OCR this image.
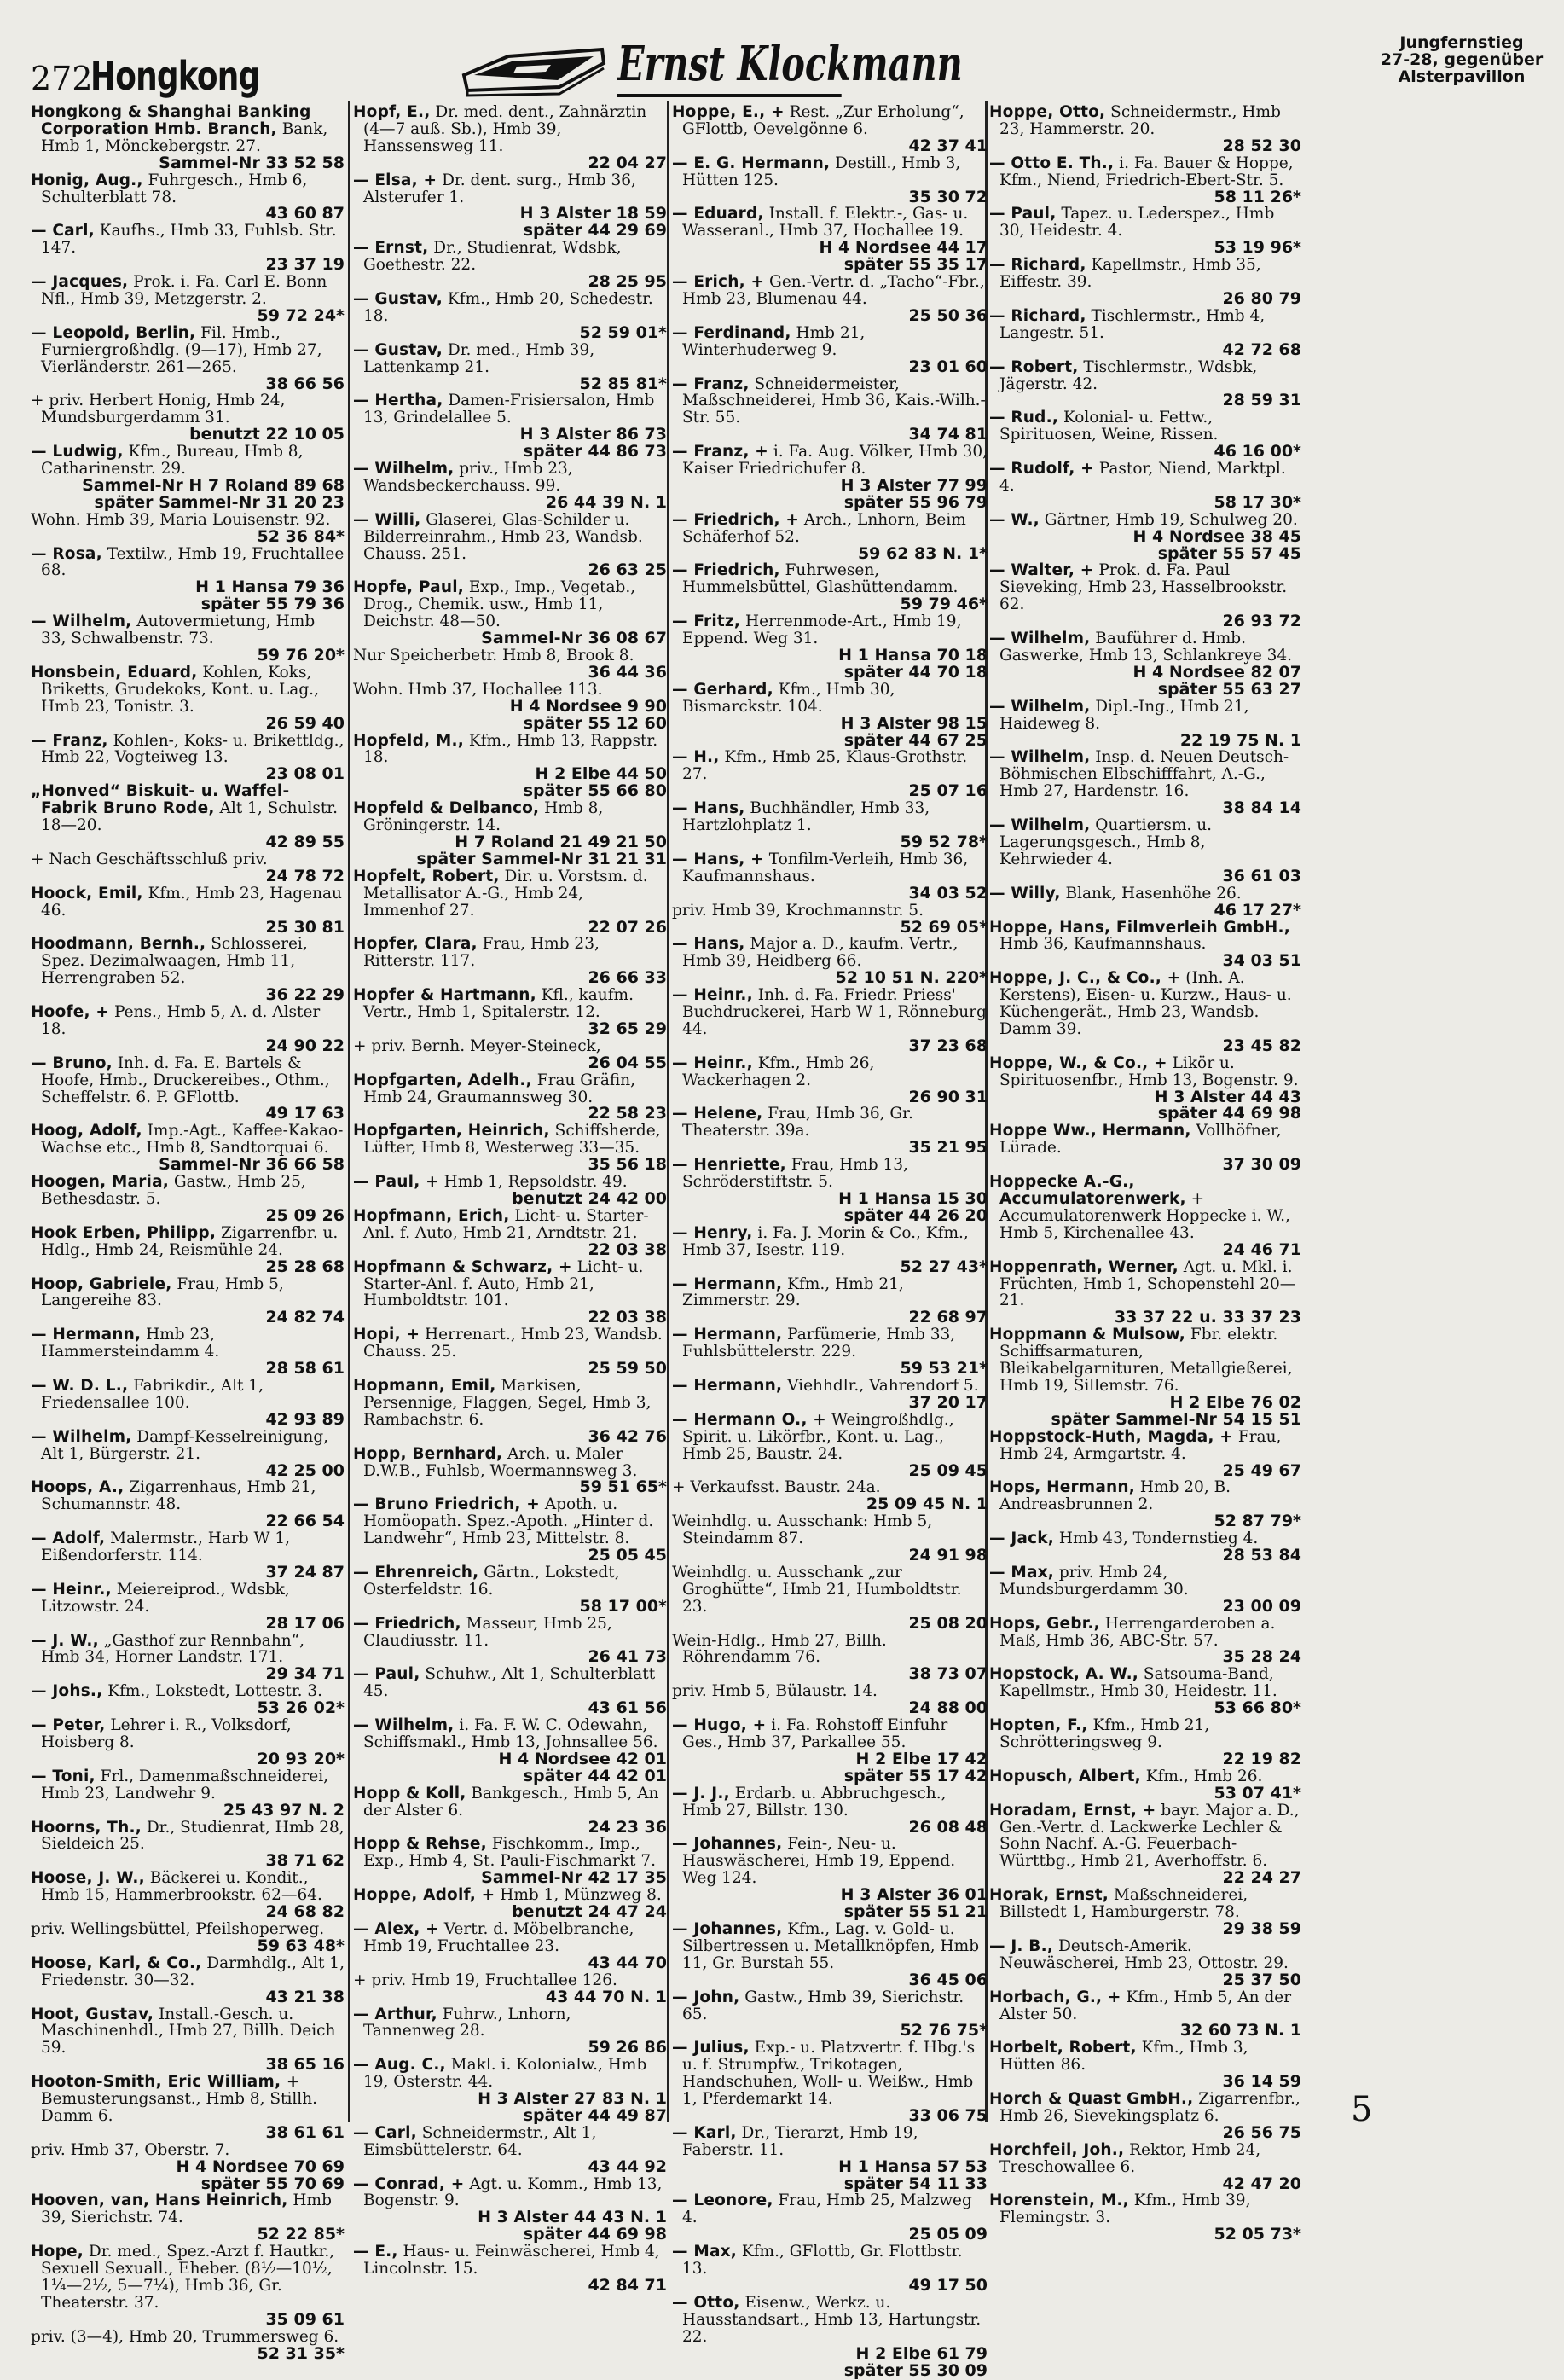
272
Hongkong	Ernst Klockmann	Jungfernstieg
27-28, gegenüber
Alsterpavillon

Hongkong & Shanghai Banking Corporation Hmb. Branch, Bank, Hmb 1, Mönckebergstr. 27.
Sammel-Nr 33 52 58

Honig, Aug., Fuhrgesch., Hmb 6, Schulterblatt 78.
43 60 87

— Carl, Kaufhs., Hmb 33, Fuhlsb. Str. 147.
23 37 19

— Jacques, Prok. i. Fa. Carl E. Bonn Nfl., Hmb 39, Metzgerstr. 2.
59 72 24*

— Leopold, Berlin, Fil. Hmb., Furniergroßhdlg. (9—17), Hmb 27, Vierländerstr. 261—265.
38 66 56

+ priv. Herbert Honig, Hmb 24, Mundsburgerdamm 31.
benutzt 22 10 05

— Ludwig, Kfm., Bureau, Hmb 8, Catharinenstr. 29.
Sammel-Nr H 7 Roland 89 68

später Sammel-Nr 31 20 23

Wohn. Hmb 39, Maria Louisenstr. 92.
52 36 84*

— Rosa, Textilw., Hmb 19, Fruchtallee 68.
H 1 Hansa 79 36

später 55 79 36

— Wilhelm, Autovermietung, Hmb 33, Schwalbenstr. 73.
59 76 20*

Honsbein, Eduard, Kohlen, Koks, Briketts, Grudekoks, Kont. u. Lag., Hmb 23, Tonistr. 3.
26 59 40

— Franz, Kohlen-, Koks- u. Brikettldg., Hmb 22, Vogteiweg 13.
23 08 01

„Honved“ Biskuit- u. Waffel-Fabrik Bruno Rode, Alt 1, Schulstr. 18—20.
42 89 55

+ Nach Geschäftsschluß priv.
24 78 72

Hoock, Emil, Kfm., Hmb 23, Hagenau 46.
25 30 81

Hoodmann, Bernh., Schlosserei, Spez. Dezimalwaagen, Hmb 11, Herrengraben 52.
36 22 29

Hoofe, + Pens., Hmb 5, A. d. Alster 18.
24 90 22

— Bruno, Inh. d. Fa. E. Bartels & Hoofe, Hmb., Druckereibes., Othm., Scheffelstr. 6. P. GFlottb.
49 17 63

Hoog, Adolf, Imp.-Agt., Kaffee-Kakao-Wachse etc., Hmb 8, Sandtorquai 6.
Sammel-Nr 36 66 58

Hoogen, Maria, Gastw., Hmb 25, Bethesdastr. 5.
25 09 26

Hook Erben, Philipp, Zigarrenfbr. u. Hdlg., Hmb 24, Reismühle 24.
25 28 68

Hoop, Gabriele, Frau, Hmb 5, Langereihe 83.
24 82 74

— Hermann, Hmb 23, Hammersteindamm 4.
28 58 61

— W. D. L., Fabrikdir., Alt 1, Friedensallee 100.
42 93 89

— Wilhelm, Dampf-Kesselreinigung, Alt 1, Bürgerstr. 21.
42 25 00

Hoops, A., Zigarrenhaus, Hmb 21, Schumannstr. 48.
22 66 54

— Adolf, Malermstr., Harb W 1, Eißendorferstr. 114.
37 24 87

— Heinr., Meiereiprod., Wdsbk, Litzowstr. 24.
28 17 06

— J. W., „Gasthof zur Rennbahn“, Hmb 34, Horner Landstr. 171.
29 34 71

— Johs., Kfm., Lokstedt, Lottestr. 3.
53 26 02*

— Peter, Lehrer i. R., Volksdorf, Hoisberg 8.
20 93 20*

— Toni, Frl., Damenmaßschneiderei, Hmb 23, Landwehr 9.
25 43 97 N. 2

Hoorns, Th., Dr., Studienrat, Hmb 28, Sieldeich 25.
38 71 62

Hoose, J. W., Bäckerei u. Kondit., Hmb 15, Hammerbrookstr. 62—64.
24 68 82

priv. Wellingsbüttel, Pfeilshoperweg.
59 63 48*

Hoose, Karl, & Co., Darmhdlg., Alt 1, Friedenstr. 30—32.
43 21 38

Hoot, Gustav, Install.-Gesch. u. Maschinenhdl., Hmb 27, Billh. Deich 59.
38 65 16

Hooton-Smith, Eric William, + Bemusterungsanst., Hmb 8, Stillh. Damm 6.
38 61 61

priv. Hmb 37, Oberstr. 7.
H 4 Nordsee 70 69

später 55 70 69

Hooven, van, Hans Heinrich, Hmb 39, Sierichstr. 74.
52 22 85*

Hope, Dr. med., Spez.-Arzt f. Hautkr., Sexuell Sexuall., Eheber. (8½—10½, 1¼—2½, 5—7¼), Hmb 36, Gr. Theaterstr. 37.
35 09 61

priv. (3—4), Hmb 20, Trummersweg 6.
52 31 35*

Hopf, E., Dr. med. dent., Zahnärztin (4—7 auß. Sb.), Hmb 39, Hanssensweg 11.
22 04 27

— Elsa, + Dr. dent. surg., Hmb 36, Alsterufer 1.
H 3 Alster 18 59

später 44 29 69

— Ernst, Dr., Studienrat, Wdsbk, Goethestr. 22.
28 25 95

— Gustav, Kfm., Hmb 20, Schedestr. 18.
52 59 01*

— Gustav, Dr. med., Hmb 39, Lattenkamp 21.
52 85 81*

— Hertha, Damen-Frisiersalon, Hmb 13, Grindelallee 5.
H 3 Alster 86 73

später 44 86 73

— Wilhelm, priv., Hmb 23, Wandsbeckerchauss. 99.
26 44 39 N. 1

— Willi, Glaserei, Glas-Schilder u. Bilderreinrahm., Hmb 23, Wandsb. Chauss. 251.
26 63 25

Hopfe, Paul, Exp., Imp., Vegetab., Drog., Chemik. usw., Hmb 11, Deichstr. 48—50.
Sammel-Nr 36 08 67

Nur Speicherbetr. Hmb 8, Brook 8.
36 44 36

Wohn. Hmb 37, Hochallee 113.
H 4 Nordsee 9 90

später 55 12 60

Hopfeld, M., Kfm., Hmb 13, Rappstr. 18.
H 2 Elbe 44 50

später 55 66 80

Hopfeld & Delbanco, Hmb 8, Gröningerstr. 14.
H 7 Roland 21 49 21 50

später Sammel-Nr 31 21 31

Hopfelt, Robert, Dir. u. Vorstsm. d. Metallisator A.-G., Hmb 24, Immenhof 27.
22 07 26

Hopfer, Clara, Frau, Hmb 23, Ritterstr. 117.
26 66 33

Hopfer & Hartmann, Kfl., kaufm. Vertr., Hmb 1, Spitalerstr. 12.
32 65 29

+ priv. Bernh. Meyer-Steineck,
26 04 55

Hopfgarten, Adelh., Frau Gräfin, Hmb 24, Graumannsweg 30.
22 58 23

Hopfgarten, Heinrich, Schiffsherde, Lüfter, Hmb 8, Westerweg 33—35.
35 56 18

— Paul, + Hmb 1, Repsoldstr. 49.
benutzt 24 42 00

Hopfmann, Erich, Licht- u. Starter-Anl. f. Auto, Hmb 21, Arndtstr. 21.
22 03 38

Hopfmann & Schwarz, + Licht- u. Starter-Anl. f. Auto, Hmb 21, Humboldtstr. 101.
22 03 38

Hopi, + Herrenart., Hmb 23, Wandsb. Chauss. 25.
25 59 50

Hopmann, Emil, Markisen, Persennige, Flaggen, Segel, Hmb 3, Rambachstr. 6.
36 42 76

Hopp, Bernhard, Arch. u. Maler D.W.B., Fuhlsb, Woermannsweg 3.
59 51 65*

— Bruno Friedrich, + Apoth. u. Homöopath. Spez.-Apoth. „Hinter d. Landwehr“, Hmb 23, Mittelstr. 8.
25 05 45

— Ehrenreich, Gärtn., Lokstedt, Osterfeldstr. 16.
58 17 00*

— Friedrich, Masseur, Hmb 25, Claudiusstr. 11.
26 41 73

— Paul, Schuhw., Alt 1, Schulterblatt 45.
43 61 56

— Wilhelm, i. Fa. F. W. C. Odewahn, Schiffsmakl., Hmb 13, Johnsallee 56.
H 4 Nordsee 42 01

später 44 42 01

Hopp & Koll, Bankgesch., Hmb 5, An der Alster 6.
24 23 36

Hopp & Rehse, Fischkomm., Imp., Exp., Hmb 4, St. Pauli-Fischmarkt 7.
Sammel-Nr 42 17 35

Hoppe, Adolf, + Hmb 1, Münzweg 8.
benutzt 24 47 24

— Alex, + Vertr. d. Möbelbranche, Hmb 19, Fruchtallee 23.
43 44 70

+ priv. Hmb 19, Fruchtallee 126.
43 44 70 N. 1

— Arthur, Fuhrw., Lnhorn, Tannenweg 28.
59 26 86

— Aug. C., Makl. i. Kolonialw., Hmb 19, Osterstr. 44.
H 3 Alster 27 83 N. 1

später 44 49 87

— Carl, Schneidermstr., Alt 1, Eimsbüttelerstr. 64.
43 44 92

— Conrad, + Agt. u. Komm., Hmb 13, Bogenstr. 9.
H 3 Alster 44 43 N. 1

später 44 69 98

— E., Haus- u. Feinwäscherei, Hmb 4, Lincolnstr. 15.
42 84 71

Hoppe, E., + Rest. „Zur Erholung“, GFlottb, Oevelgönne 6.
42 37 41

— E. G. Hermann, Destill., Hmb 3, Hütten 125.
35 30 72

— Eduard, Install. f. Elektr.-, Gas- u. Wasseranl., Hmb 37, Hochallee 19.
H 4 Nordsee 44 17

später 55 35 17

— Erich, + Gen.-Vertr. d. „Tacho“-Fbr., Hmb 23, Blumenau 44.
25 50 36

— Ferdinand, Hmb 21, Winterhuderweg 9.
23 01 60

— Franz, Schneidermeister, Maßschneiderei, Hmb 36, Kais.-Wilh.-Str. 55.
34 74 81

— Franz, + i. Fa. Aug. Völker, Hmb 30, Kaiser Friedrichufer 8.
H 3 Alster 77 99

später 55 96 79

— Friedrich, + Arch., Lnhorn, Beim Schäferhof 52.
59 62 83 N. 1*

— Friedrich, Fuhrwesen, Hummelsbüttel, Glashüttendamm.
59 79 46*

— Fritz, Herrenmode-Art., Hmb 19, Eppend. Weg 31.
H 1 Hansa 70 18

später 44 70 18

— Gerhard, Kfm., Hmb 30, Bismarckstr. 104.
H 3 Alster 98 15

später 44 67 25

— H., Kfm., Hmb 25, Klaus-Grothstr. 27.
25 07 16

— Hans, Buchhändler, Hmb 33, Hartzlohplatz 1.
59 52 78*

— Hans, + Tonfilm-Verleih, Hmb 36, Kaufmannshaus.
34 03 52

priv. Hmb 39, Krochmannstr. 5.
52 69 05*

— Hans, Major a. D., kaufm. Vertr., Hmb 39, Heidberg 66.
52 10 51 N. 220*

— Heinr., Inh. d. Fa. Friedr. Priess' Buchdruckerei, Harb W 1, Rönneburg 44.
37 23 68

— Heinr., Kfm., Hmb 26, Wackerhagen 2.
26 90 31

— Helene, Frau, Hmb 36, Gr. Theaterstr. 39a.
35 21 95

— Henriette, Frau, Hmb 13, Schröderstiftstr. 5.
H 1 Hansa 15 30

später 44 26 20

— Henry, i. Fa. J. Morin & Co., Kfm., Hmb 37, Isestr. 119.
52 27 43*

— Hermann, Kfm., Hmb 21, Zimmerstr. 29.
22 68 97

— Hermann, Parfümerie, Hmb 33, Fuhlsbüttelerstr. 229.
59 53 21*

— Hermann, Viehhdlr., Vahrendorf 5.
37 20 17

— Hermann O., + Weingroßhdlg., Spirit. u. Likörfbr., Kont. u. Lag., Hmb 25, Baustr. 24.
25 09 45

+ Verkaufsst. Baustr. 24a.
25 09 45 N. 1

Weinhdlg. u. Ausschank: Hmb 5, Steindamm 87.
24 91 98

Weinhdlg. u. Ausschank „zur Groghütte“, Hmb 21, Humboldtstr. 23.
25 08 20

Wein-Hdlg., Hmb 27, Billh. Röhrendamm 76.
38 73 07

priv. Hmb 5, Bülaustr. 14.
24 88 00

— Hugo, + i. Fa. Rohstoff Einfuhr Ges., Hmb 37, Parkallee 55.
H 2 Elbe 17 42

später 55 17 42

— J. J., Erdarb. u. Abbruchgesch., Hmb 27, Billstr. 130.
26 08 48

— Johannes, Fein-, Neu- u. Hauswäscherei, Hmb 19, Eppend. Weg 124.
H 3 Alster 36 01

später 55 51 21

— Johannes, Kfm., Lag. v. Gold- u. Silbertressen u. Metallknöpfen, Hmb 11, Gr. Burstah 55.
36 45 06

— John, Gastw., Hmb 39, Sierichstr. 65.
52 76 75*

— Julius, Exp.- u. Platzvertr. f. Hbg.'s u. f. Strumpfw., Trikotagen, Handschuhen, Woll- u. Weißw., Hmb 1, Pferdemarkt 14.
33 06 75

— Karl, Dr., Tierarzt, Hmb 19, Faberstr. 11.
H 1 Hansa 57 53

später 54 11 33

— Leonore, Frau, Hmb 25, Malzweg 4.
25 05 09

— Max, Kfm., GFlottb, Gr. Flottbstr. 13.
49 17 50

— Otto, Eisenw., Werkz. u. Hausstandsart., Hmb 13, Hartungstr. 22.
H 2 Elbe 61 79

später 55 30 09

Hoppe, Otto, Schneidermstr., Hmb 23, Hammerstr. 20.
28 52 30

— Otto E. Th., i. Fa. Bauer & Hoppe, Kfm., Niend, Friedrich-Ebert-Str. 5.
58 11 26*

— Paul, Tapez. u. Lederspez., Hmb 30, Heidestr. 4.
53 19 96*

— Richard, Kapellmstr., Hmb 35, Eiffestr. 39.
26 80 79

— Richard, Tischlermstr., Hmb 4, Langestr. 51.
42 72 68

— Robert, Tischlermstr., Wdsbk, Jägerstr. 42.
28 59 31

— Rud., Kolonial- u. Fettw., Spirituosen, Weine, Rissen.
46 16 00*

— Rudolf, + Pastor, Niend, Marktpl. 4.
58 17 30*

— W., Gärtner, Hmb 19, Schulweg 20.
H 4 Nordsee 38 45

später 55 57 45

— Walter, + Prok. d. Fa. Paul Sieveking, Hmb 23, Hasselbrookstr. 62.
26 93 72

— Wilhelm, Bauführer d. Hmb. Gaswerke, Hmb 13, Schlankreye 34.
H 4 Nordsee 82 07

später 55 63 27

— Wilhelm, Dipl.-Ing., Hmb 21, Haideweg 8.
22 19 75 N. 1

— Wilhelm, Insp. d. Neuen Deutsch-Böhmischen Elbschifffahrt, A.-G., Hmb 27, Hardenstr. 16.
38 84 14

— Wilhelm, Quartiersm. u. Lagerungsgesch., Hmb 8, Kehrwieder 4.
36 61 03

— Willy, Blank, Hasenhöhe 26.
46 17 27*

Hoppe, Hans, Filmverleih GmbH., Hmb 36, Kaufmannshaus.
34 03 51

Hoppe, J. C., & Co., + (Inh. A. Kerstens), Eisen- u. Kurzw., Haus- u. Küchengerät., Hmb 23, Wandsb. Damm 39.
23 45 82

Hoppe, W., & Co., + Likör u. Spirituosenfbr., Hmb 13, Bogenstr. 9.
H 3 Alster 44 43

später 44 69 98

Hoppe Ww., Hermann, Vollhöfner, Lürade.
37 30 09

Hoppecke A.-G., Accumulatorenwerk, + Accumulatorenwerk Hoppecke i. W., Hmb 5, Kirchenallee 43.
24 46 71

Hoppenrath, Werner, Agt. u. Mkl. i. Früchten, Hmb 1, Schopenstehl 20—21.
33 37 22 u. 33 37 23

Hoppmann & Mulsow, Fbr. elektr. Schiffsarmaturen, Bleikabelgarnituren, Metallgießerei, Hmb 19, Sillemstr. 76.
H 2 Elbe 76 02

später Sammel-Nr 54 15 51

Hoppstock-Huth, Magda, + Frau, Hmb 24, Armgartstr. 4.
25 49 67

Hops, Hermann, Hmb 20, B. Andreasbrunnen 2.
52 87 79*

— Jack, Hmb 43, Tondernstieg 4.
28 53 84

— Max, priv. Hmb 24, Mundsburgerdamm 30.
23 00 09

Hops, Gebr., Herrengarderoben a. Maß, Hmb 36, ABC-Str. 57.
35 28 24

Hopstock, A. W., Satsouma-Band, Kapellmstr., Hmb 30, Heidestr. 11.
53 66 80*

Hopten, F., Kfm., Hmb 21, Schrötteringsweg 9.
22 19 82

Hopusch, Albert, Kfm., Hmb 26.
53 07 41*

Horadam, Ernst, + bayr. Major a. D., Gen.-Vertr. d. Lackwerke Lechler & Sohn Nachf. A.-G. Feuerbach-Württbg., Hmb 21, Averhoffstr. 6.
22 24 27

Horak, Ernst, Maßschneiderei, Billstedt 1, Hamburgerstr. 78.
29 38 59

— J. B., Deutsch-Amerik. Neuwäscherei, Hmb 23, Ottostr. 29.
25 37 50

Horbach, G., + Kfm., Hmb 5, An der Alster 50.
32 60 73 N. 1

Horbelt, Robert, Kfm., Hmb 3, Hütten 86.
36 14 59

Horch & Quast GmbH., Zigarrenfbr., Hmb 26, Sievekingsplatz 6.
26 56 75

Horchfeil, Joh., Rektor, Hmb 24, Treschowallee 6.
42 47 20

Horenstein, M., Kfm., Hmb 39, Flemingstr. 3.
52 05 73*

5
